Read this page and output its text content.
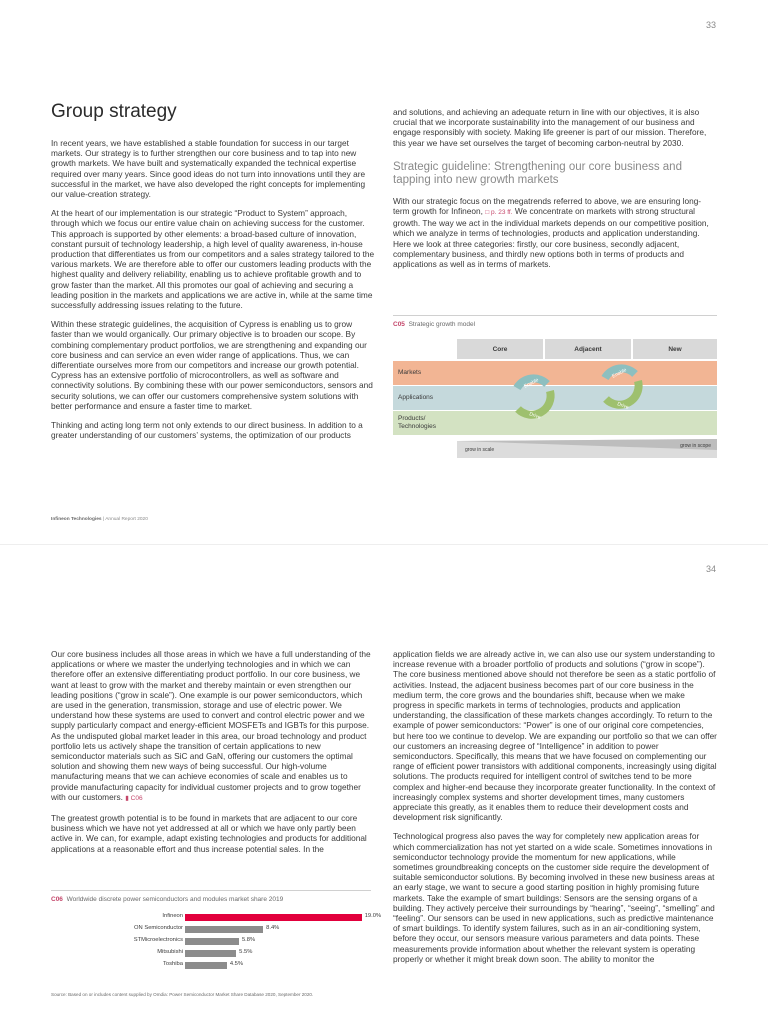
33
Group strategy

In recent years, we have established a stable foundation for success in our target markets. Our strategy is to further strengthen our core business and to tap into new growth markets. We have built and systematically expanded the technical expertise required over many years. Since good ideas do not turn into innovations until they are successful in the market, we have also developed the right concepts for implementing our value-creation strategy.

At the heart of our implementation is our strategic “Product to System” approach, through which we focus our entire value chain on achieving success for the customer. This approach is supported by other elements: a broad-based culture of innovation, constant pursuit of technology leadership, a high level of quality awareness, in-house production that differentiates us from our competitors and a sales strategy tailored to the various markets. We are therefore able to offer our customers leading products with the highest quality and delivery reliability, enabling us to achieve profitable growth and to grow faster than the market. All this promotes our goal of achieving and securing a leading position in the markets and applications we are active in, while at the same time successfully addressing issues relating to the future.

Within these strategic guidelines, the acquisition of Cypress is enabling us to grow faster than we would organically. Our primary objective is to broaden our scope. By combining complementary product portfolios, we are strengthening and expanding our core business and can service an even wider range of applications. Thus, we can differentiate ourselves more from our competitors and increase our growth potential. Cypress has an extensive portfolio of microcontrollers, as well as software and connectivity solutions. By combining these with our power semiconductors, sensors and security solutions, we can offer our customers comprehensive system solutions with better performance and ensure a faster time to market.

Thinking and acting long term not only extends to our direct business. In addition to a greater understanding of our customers’ systems, the optimization of our products

and solutions, and achieving an adequate return in line with our objectives, it is also crucial that we incorporate sustainability into the management of our business and engage responsibly with society. Making life greener is part of our mission. Therefore, this year we have set ourselves the target of becoming carbon-neutral by 2030.

Strategic guideline: Strengthening our core business and tapping into new growth markets

With our strategic focus on the megatrends referred to above, we are ensuring long-term growth for Infineon, □ p. 23 ff. We concentrate on markets with strong structural growth. The way we act in the individual markets depends on our competitive position, which we analyze in terms of technologies, products and application understanding. Here we look at three categories: firstly, our core business, secondly adjacent, complementary business, and thirdly new options both in terms of products and applications as well as in terms of markets.

C05 Strategic growth model
Core	Adjacent	New
Markets
Applications
Products/ Technologies
Enable
Drive
Enable
Drive
grow in scale
grow in scope
Infineon Technologies | Annual Report 2020
34

Our core business includes all those areas in which we have a full understanding of the applications or where we master the underlying technologies and in which we can therefore offer an extensive differentiating product portfolio. In our core business, we want at least to grow with the market and thereby maintain or even strengthen our leading positions (“grow in scale”). One example is our power semiconductors, which are used in the generation, transmission, storage and use of electric power. We understand how these systems are used to convert and control electric power and we supply particularly compact and energy-efficient MOSFETs and IGBTs for this purpose. As the undisputed global market leader in this area, our broad technology and product portfolio lets us actively shape the transition of certain applications to new semiconductor materials such as SiC and GaN, offering our customers the optimal solution and showing them new ways of being successful. Our high-volume manufacturing means that we can achieve economies of scale and enables us to provide manufacturing capacity for individual customer projects and to grow together with our customers. ▮ C06

The greatest growth potential is to be found in markets that are adjacent to our core business which we have not yet addressed at all or which we have only partly been active in. We can, for example, adapt existing technologies and products for additional applications at a reasonable effort and thus increase potential sales. In the

application fields we are already active in, we can also use our system understanding to increase revenue with a broader portfolio of products and solutions (“grow in scope”). The core business mentioned above should not therefore be seen as a static portfolio of activities. Instead, the adjacent business becomes part of our core business in the medium term, the core grows and the boundaries shift, because when we make progress in specific markets in terms of technologies, products and application understanding, the classification of these markets changes accordingly. To return to the example of power semiconductors: “Power” is one of our original core competencies, but here too we continue to develop. We are expanding our portfolio so that we can offer our customers an increasing degree of “Intelligence” in addition to power semiconductors. Specifically, this means that we have focused on complementing our range of efficient power transistors with additional components, increasingly using digital solutions. The products required for intelligent control of switches tend to be more complex and higher-end because they incorporate greater functionality. In the context of increasingly complex systems and shorter development times, many customers appreciate this greatly, as it enables them to reduce their development costs and development risk significantly.

Technological progress also paves the way for completely new application areas for which commercialization has not yet started on a wide scale. Sometimes innovations in semiconductor technology provide the momentum for new applications, while sometimes groundbreaking concepts on the customer side require the development of suitable semiconductor solutions. By becoming involved in these new business areas at an early stage, we want to secure a good starting position in highly promising future markets. Take the example of smart buildings: Sensors are the sensing organs of a building. They actively perceive their surroundings by “hearing”, “seeing”, “smelling” and “feeling”. Our sensors can be used in new applications, such as predictive maintenance of smart buildings. To identify system failures, such as in an air-conditioning system, before they occur, our sensors measure various parameters and data points. These measurements provide information about whether the relevant system is operating properly or whether it might break down soon. The ability to monitor the

C06 Worldwide discrete power semiconductors and modules market share 2019
Infineon	19.0%
ON Semiconductor	8.4%
STMicroelectronics	5.8%
Mitsubishi	5.5%
Toshiba	4.5%
Source: Based on or includes content supplied by Omdia: Power Semiconductor Market Share Database 2020, September 2020.
